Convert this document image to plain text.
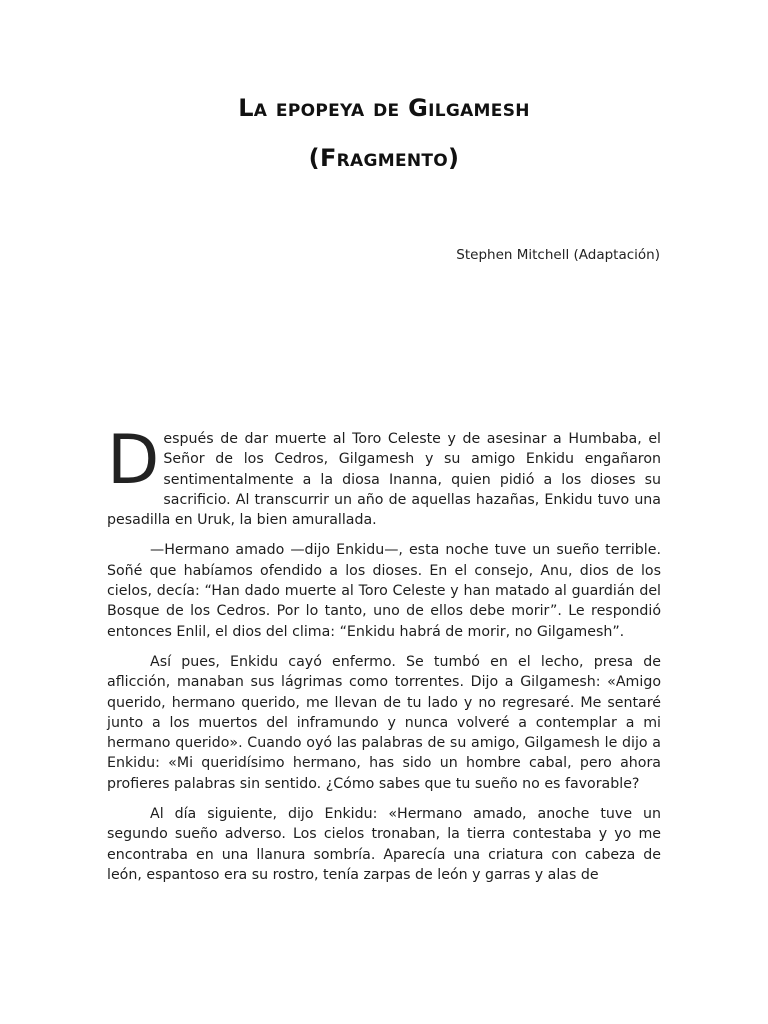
La epopeya de Gilgamesh
(Fragmento)

Stephen Mitchell (Adaptación)

Después de dar muerte al Toro Celeste y de asesinar a Humbaba, el Señor de los Cedros, Gilgamesh y su amigo Enkidu engañaron sentimentalmente a la diosa Inanna, quien pidió a los dioses su sacrificio. Al transcurrir un año de aquellas hazañas, Enkidu tuvo una pesadilla en Uruk, la bien amurallada.

—Hermano amado —dijo Enkidu—, esta noche tuve un sueño terrible. Soñé que habíamos ofendido a los dioses. En el consejo, Anu, dios de los cielos, decía: “Han dado muerte al Toro Celeste y han matado al guardián del Bosque de los Cedros. Por lo tanto, uno de ellos debe morir”. Le respondió entonces Enlil, el dios del clima: “Enkidu habrá de morir, no Gilgamesh”.

Así pues, Enkidu cayó enfermo. Se tumbó en el lecho, presa de aflicción, manaban sus lágrimas como torrentes. Dijo a Gilgamesh: «Amigo querido, hermano querido, me llevan de tu lado y no regresaré. Me sentaré junto a los muertos del inframundo y nunca volveré a contemplar a mi hermano querido». Cuando oyó las palabras de su amigo, Gilgamesh le dijo a Enkidu: «Mi queridísimo hermano, has sido un hombre cabal, pero ahora profieres palabras sin sentido. ¿Cómo sabes que tu sueño no es favorable?

Al día siguiente, dijo Enkidu: «Hermano amado, anoche tuve un segundo sueño adverso. Los cielos tronaban, la tierra contestaba y yo me encontraba en una llanura sombría. Aparecía una criatura con cabeza de león, espantoso era su rostro, tenía zarpas de león y garras y alas de
